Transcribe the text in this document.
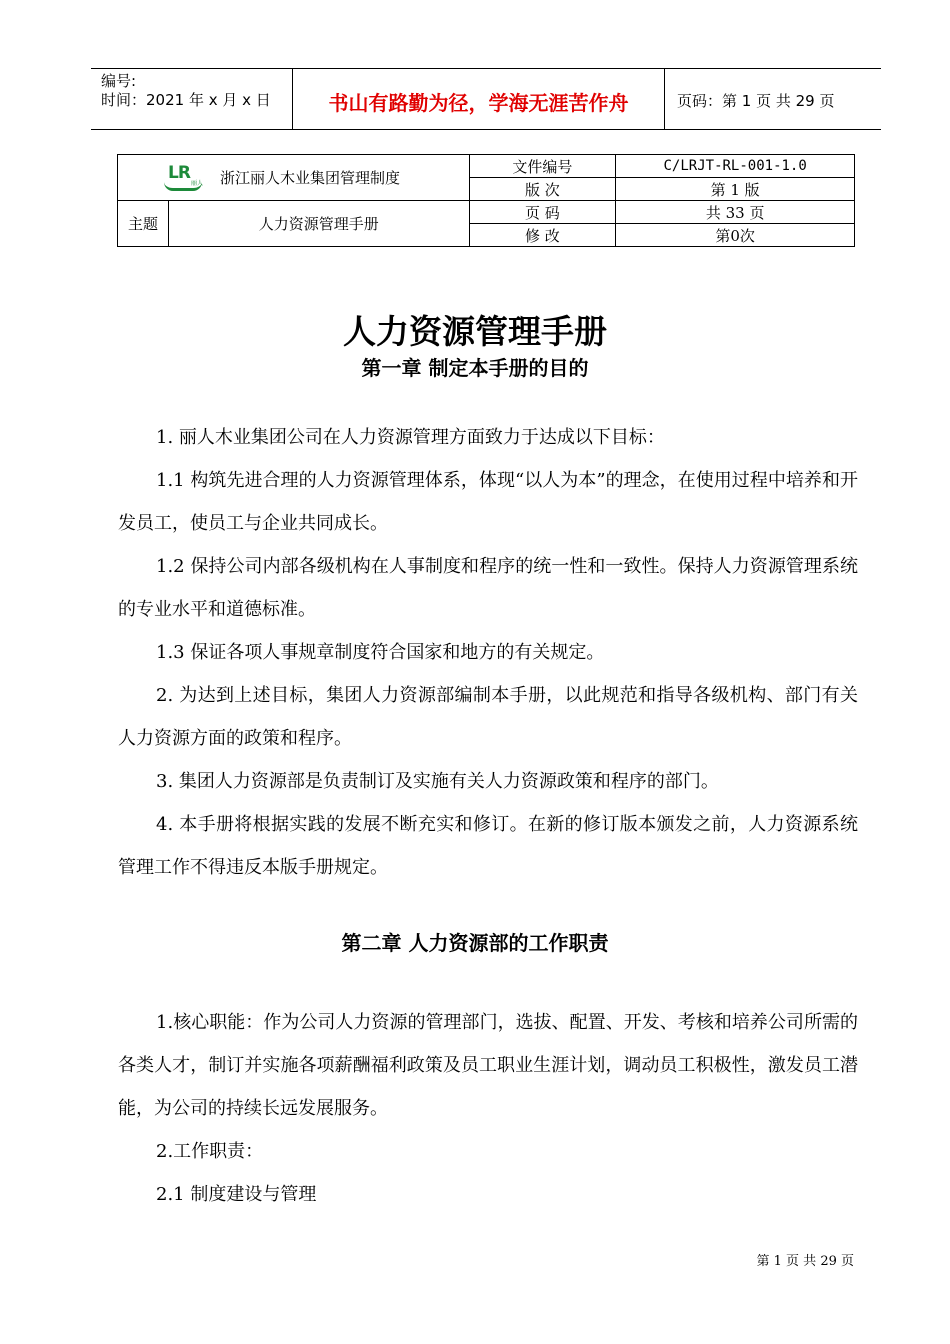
编号:
时间：2021 年 x 月 x 日	书山有路勤为径，学海无涯苦作舟	页码：第 1 页 共 29 页
LR
丽人 浙江丽人木业集团管理制度		文件编号	C/LRJT-RL-001-1.0
		版 次	第 1 版
主题	人力资源管理手册	页 码	共 33 页
		修 改	第0次
人力资源管理手册
第一章 制定本手册的目的
1. 丽人木业集团公司在人力资源管理方面致力于达成以下目标：
1.1 构筑先进合理的人力资源管理体系，体现“以人为本”的理念，在使用过程中培养和开发员工，使员工与企业共同成长。
1.2 保持公司内部各级机构在人事制度和程序的统一性和一致性。保持人力资源管理系统的专业水平和道德标准。
1.3 保证各项人事规章制度符合国家和地方的有关规定。
2. 为达到上述目标，集团人力资源部编制本手册，以此规范和指导各级机构、部门有关人力资源方面的政策和程序。
3. 集团人力资源部是负责制订及实施有关人力资源政策和程序的部门。
4. 本手册将根据实践的发展不断充实和修订。在新的修订版本颁发之前，人力资源系统管理工作不得违反本版手册规定。
第二章 人力资源部的工作职责
1.核心职能：作为公司人力资源的管理部门，选拔、配置、开发、考核和培养公司所需的各类人才，制订并实施各项薪酬福利政策及员工职业生涯计划，调动员工积极性，激发员工潜能，为公司的持续长远发展服务。
2.工作职责：
2.1 制度建设与管理
第 1 页 共 29 页
